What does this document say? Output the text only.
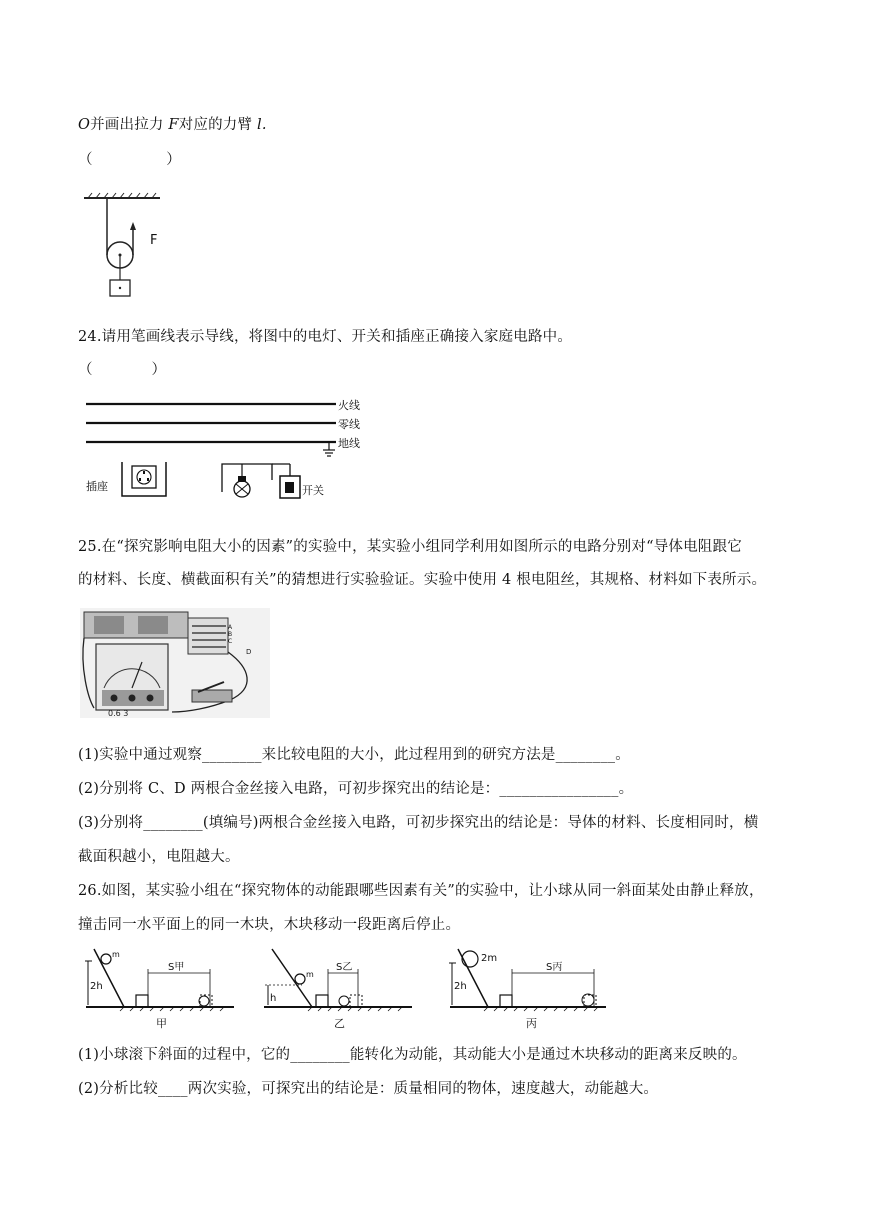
O并画出拉力 F对应的力臂 l.
（　　　　　）
F
24.请用笔画线表示导线，将图中的电灯、开关和插座正确接入家庭电路中。
（　　　　）
火线
零线
地线
插座	开关
25.在“探究影响电阻大小的因素”的实验中，某实验小组同学利用如图所示的电路分别对“导体电阻跟它
的材料、长度、横截面积有关”的猜想进行实验验证。实验中使用 4 根电阻丝，其规格、材料如下表所示。
A
B
C
D
0.6 3
(1)实验中通过观察________来比较电阻的大小，此过程用到的研究方法是________。
(2)分别将 C、D 两根合金丝接入电路，可初步探究出的结论是：________________。
(3)分别将________(填编号)两根合金丝接入电路，可初步探究出的结论是：导体的材料、长度相同时，横
截面积越小，电阻越大。
26.如图，某实验小组在“探究物体的动能跟哪些因素有关”的实验中，让小球从同一斜面某处由静止释放，
撞击同一水平面上的同一木块，木块移动一段距离后停止。
2h
m
S甲
甲
h
m
S乙
乙
2h
2m
S丙
丙
(1)小球滚下斜面的过程中，它的________能转化为动能，其动能大小是通过木块移动的距离来反映的。
(2)分析比较____两次实验，可探究出的结论是：质量相同的物体，速度越大，动能越大。
